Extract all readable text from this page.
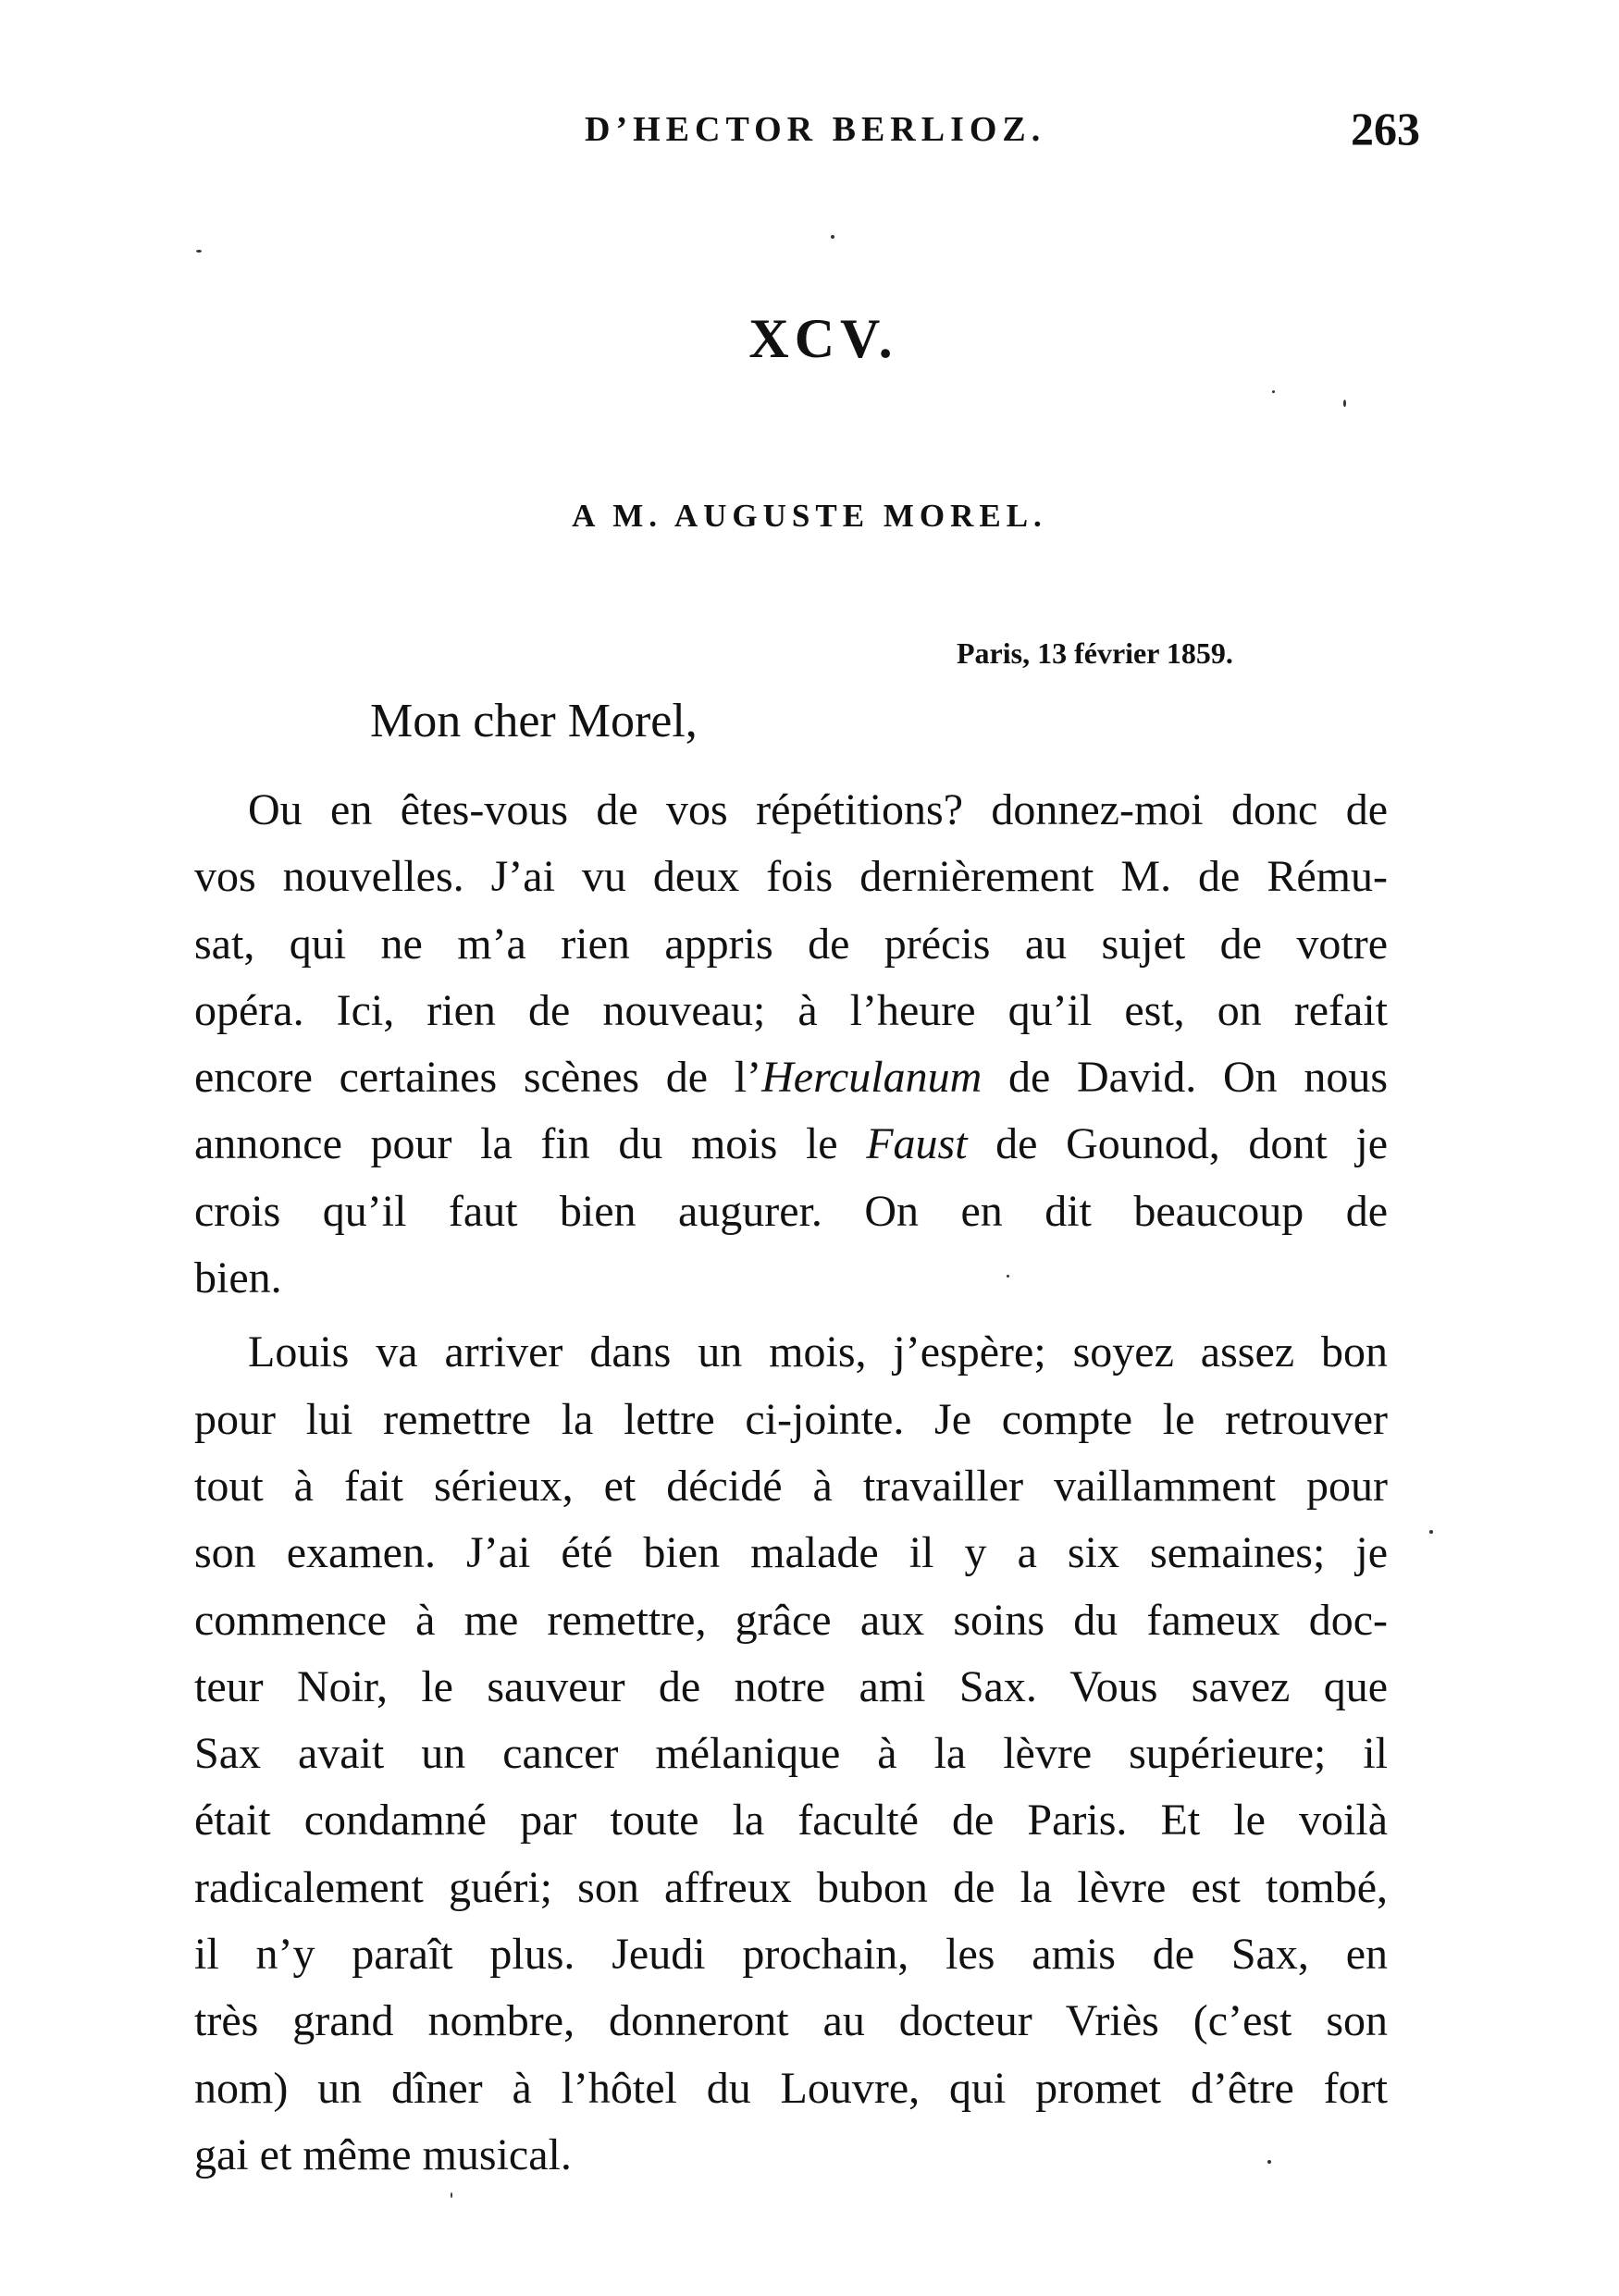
D’HECTOR BERLIOZ.	263
XCV.
A M. AUGUSTE MOREL.
Paris, 13 février 1859.
Mon cher Morel,
Ou en êtes-vous de vos répétitions? donnez-moi donc de
vos nouvelles. J’ai vu deux fois dernièrement M. de Rému-
sat, qui ne m’a rien appris de précis au sujet de votre
opéra. Ici, rien de nouveau; à l’heure qu’il est, on refait
encore certaines scènes de l’Herculanum de David. On nous
annonce pour la fin du mois le Faust de Gounod, dont je
crois qu’il faut bien augurer. On en dit beaucoup de
bien.
Louis va arriver dans un mois, j’espère; soyez assez bon
pour lui remettre la lettre ci-jointe. Je compte le retrouver
tout à fait sérieux, et décidé à travailler vaillamment pour
son examen. J’ai été bien malade il y a six semaines; je
commence à me remettre, grâce aux soins du fameux doc-
teur Noir, le sauveur de notre ami Sax. Vous savez que
Sax avait un cancer mélanique à la lèvre supérieure; il
était condamné par toute la faculté de Paris. Et le voilà
radicalement guéri; son affreux bubon de la lèvre est tombé,
il n’y paraît plus. Jeudi prochain, les amis de Sax, en
très grand nombre, donneront au docteur Vriès (c’est son
nom) un dîner à l’hôtel du Louvre, qui promet d’être fort
gai et même musical.
